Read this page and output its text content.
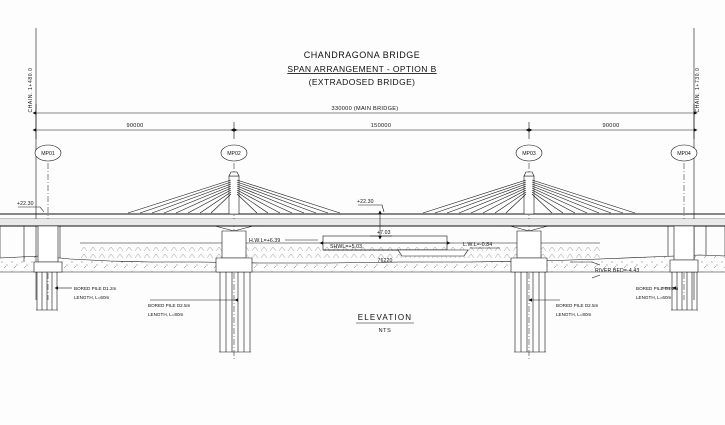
CHANDRAGONA BRIDGE
SPAN ARRANGEMENT - OPTION B
(EXTRADOSED BRIDGE)
CHAIN. 1+480.0	CHAIN. 1+730.0
330000 (MAIN BRIDGE)
90000	150000	90000
MP01	MP02	MP03	MP04
+22.30	+22.30
+7.03
H.W.L=+6.39
SHWL=+5.03	L.W.L=-0.84
RIVER BED=-4.43
76220
BORED PILE D1.2m
LENGTH, L=60m
BORED PILE D2.5m
LENGTH, L=80m
BORED PILE D2.5m
LENGTH, L=80m
BORED PILE D1.2m
LENGTH, L=60m
ELEVATION
NTS
